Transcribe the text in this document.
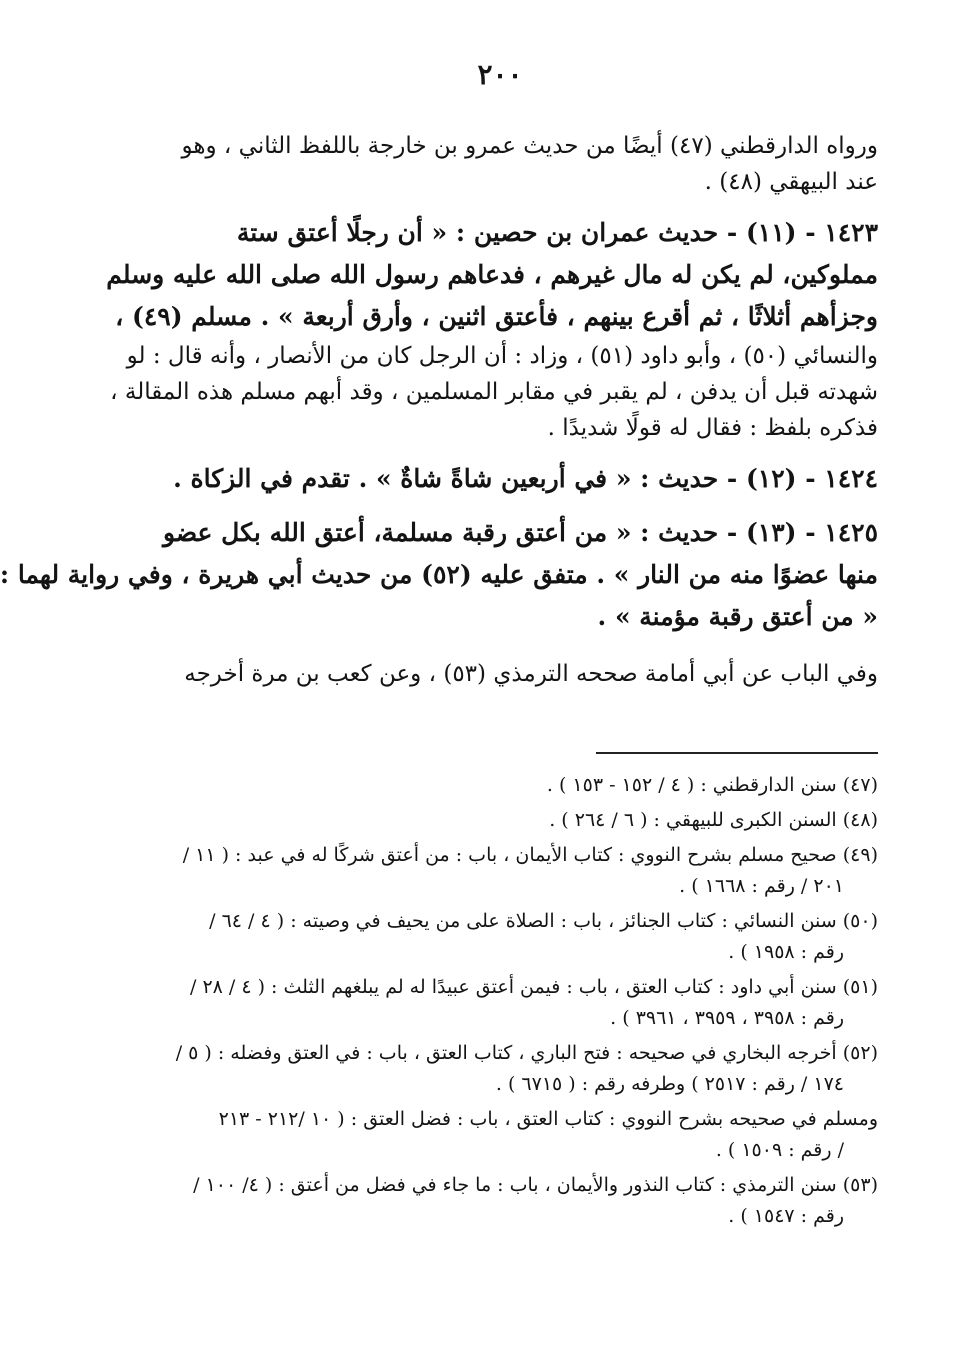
٢٠٠

ورواه الدارقطني (٤٧) أيضًا من حديث عمرو بن خارجة باللفظ الثاني ، وهو
عند البيهقي (٤٨) .

١٤٢٣ - (١١) - حديث عمران بن حصين : « أن رجلًا أعتق ستة
مملوكين، لم يكن له مال غيرهم ، فدعاهم رسول الله صلى الله عليه وسلم
وجزأهم أثلاثًا ، ثم أقرع بينهم ، فأعتق اثنين ، وأرق أربعة » . مسلم (٤٩) ،

والنسائي (٥٠) ، وأبو داود (٥١) ، وزاد : أن الرجل كان من الأنصار ، وأنه قال : لو
شهدته قبل أن يدفن ، لم يقبر في مقابر المسلمين ، وقد أبهم مسلم هذه المقالة ،
فذكره بلفظ : فقال له قولًا شديدًا .

١٤٢٤ - (١٢) - حديث : « في أربعين شاةً شاةٌ » . تقدم في الزكاة .

١٤٢٥ - (١٣) - حديث : « من أعتق رقبة مسلمة، أعتق الله بكل عضو
منها عضوًا منه من النار » . متفق عليه (٥٢) من حديث أبي هريرة ، وفي رواية لهما :
« من أعتق رقبة مؤمنة » .

وفي الباب عن أبي أمامة صححه الترمذي (٥٣) ، وعن كعب بن مرة أخرجه

(٤٧) سنن الدارقطني : ( ٤ / ١٥٢ - ١٥٣ ) .
(٤٨) السنن الكبرى للبيهقي : ( ٦ / ٢٦٤ ) .
(٤٩) صحيح مسلم بشرح النووي : كتاب الأيمان ، باب : من أعتق شركًا له في عبد : ( ١١ /
٢٠١ / رقم : ١٦٦٨ ) .
(٥٠) سنن النسائي : كتاب الجنائز ، باب : الصلاة على من يحيف في وصيته : ( ٤ / ٦٤ /
رقم : ١٩٥٨ ) .
(٥١) سنن أبي داود : كتاب العتق ، باب : فيمن أعتق عبيدًا له لم يبلغهم الثلث : ( ٤ / ٢٨ /
رقم : ٣٩٥٨ ، ٣٩٥٩ ، ٣٩٦١ ) .
(٥٢) أخرجه البخاري في صحيحه : فتح الباري ، كتاب العتق ، باب : في العتق وفضله : ( ٥ /
١٧٤ / رقم : ٢٥١٧ ) وطرفه رقم : ( ٦٧١٥ ) .
ومسلم في صحيحه بشرح النووي : كتاب العتق ، باب : فضل العتق : ( ١٠ /٢١٢ - ٢١٣
/ رقم : ١٥٠٩ ) .
(٥٣) سنن الترمذي : كتاب النذور والأيمان ، باب : ما جاء في فضل من أعتق : ( ٤/ ١٠٠ /
رقم : ١٥٤٧ ) .
